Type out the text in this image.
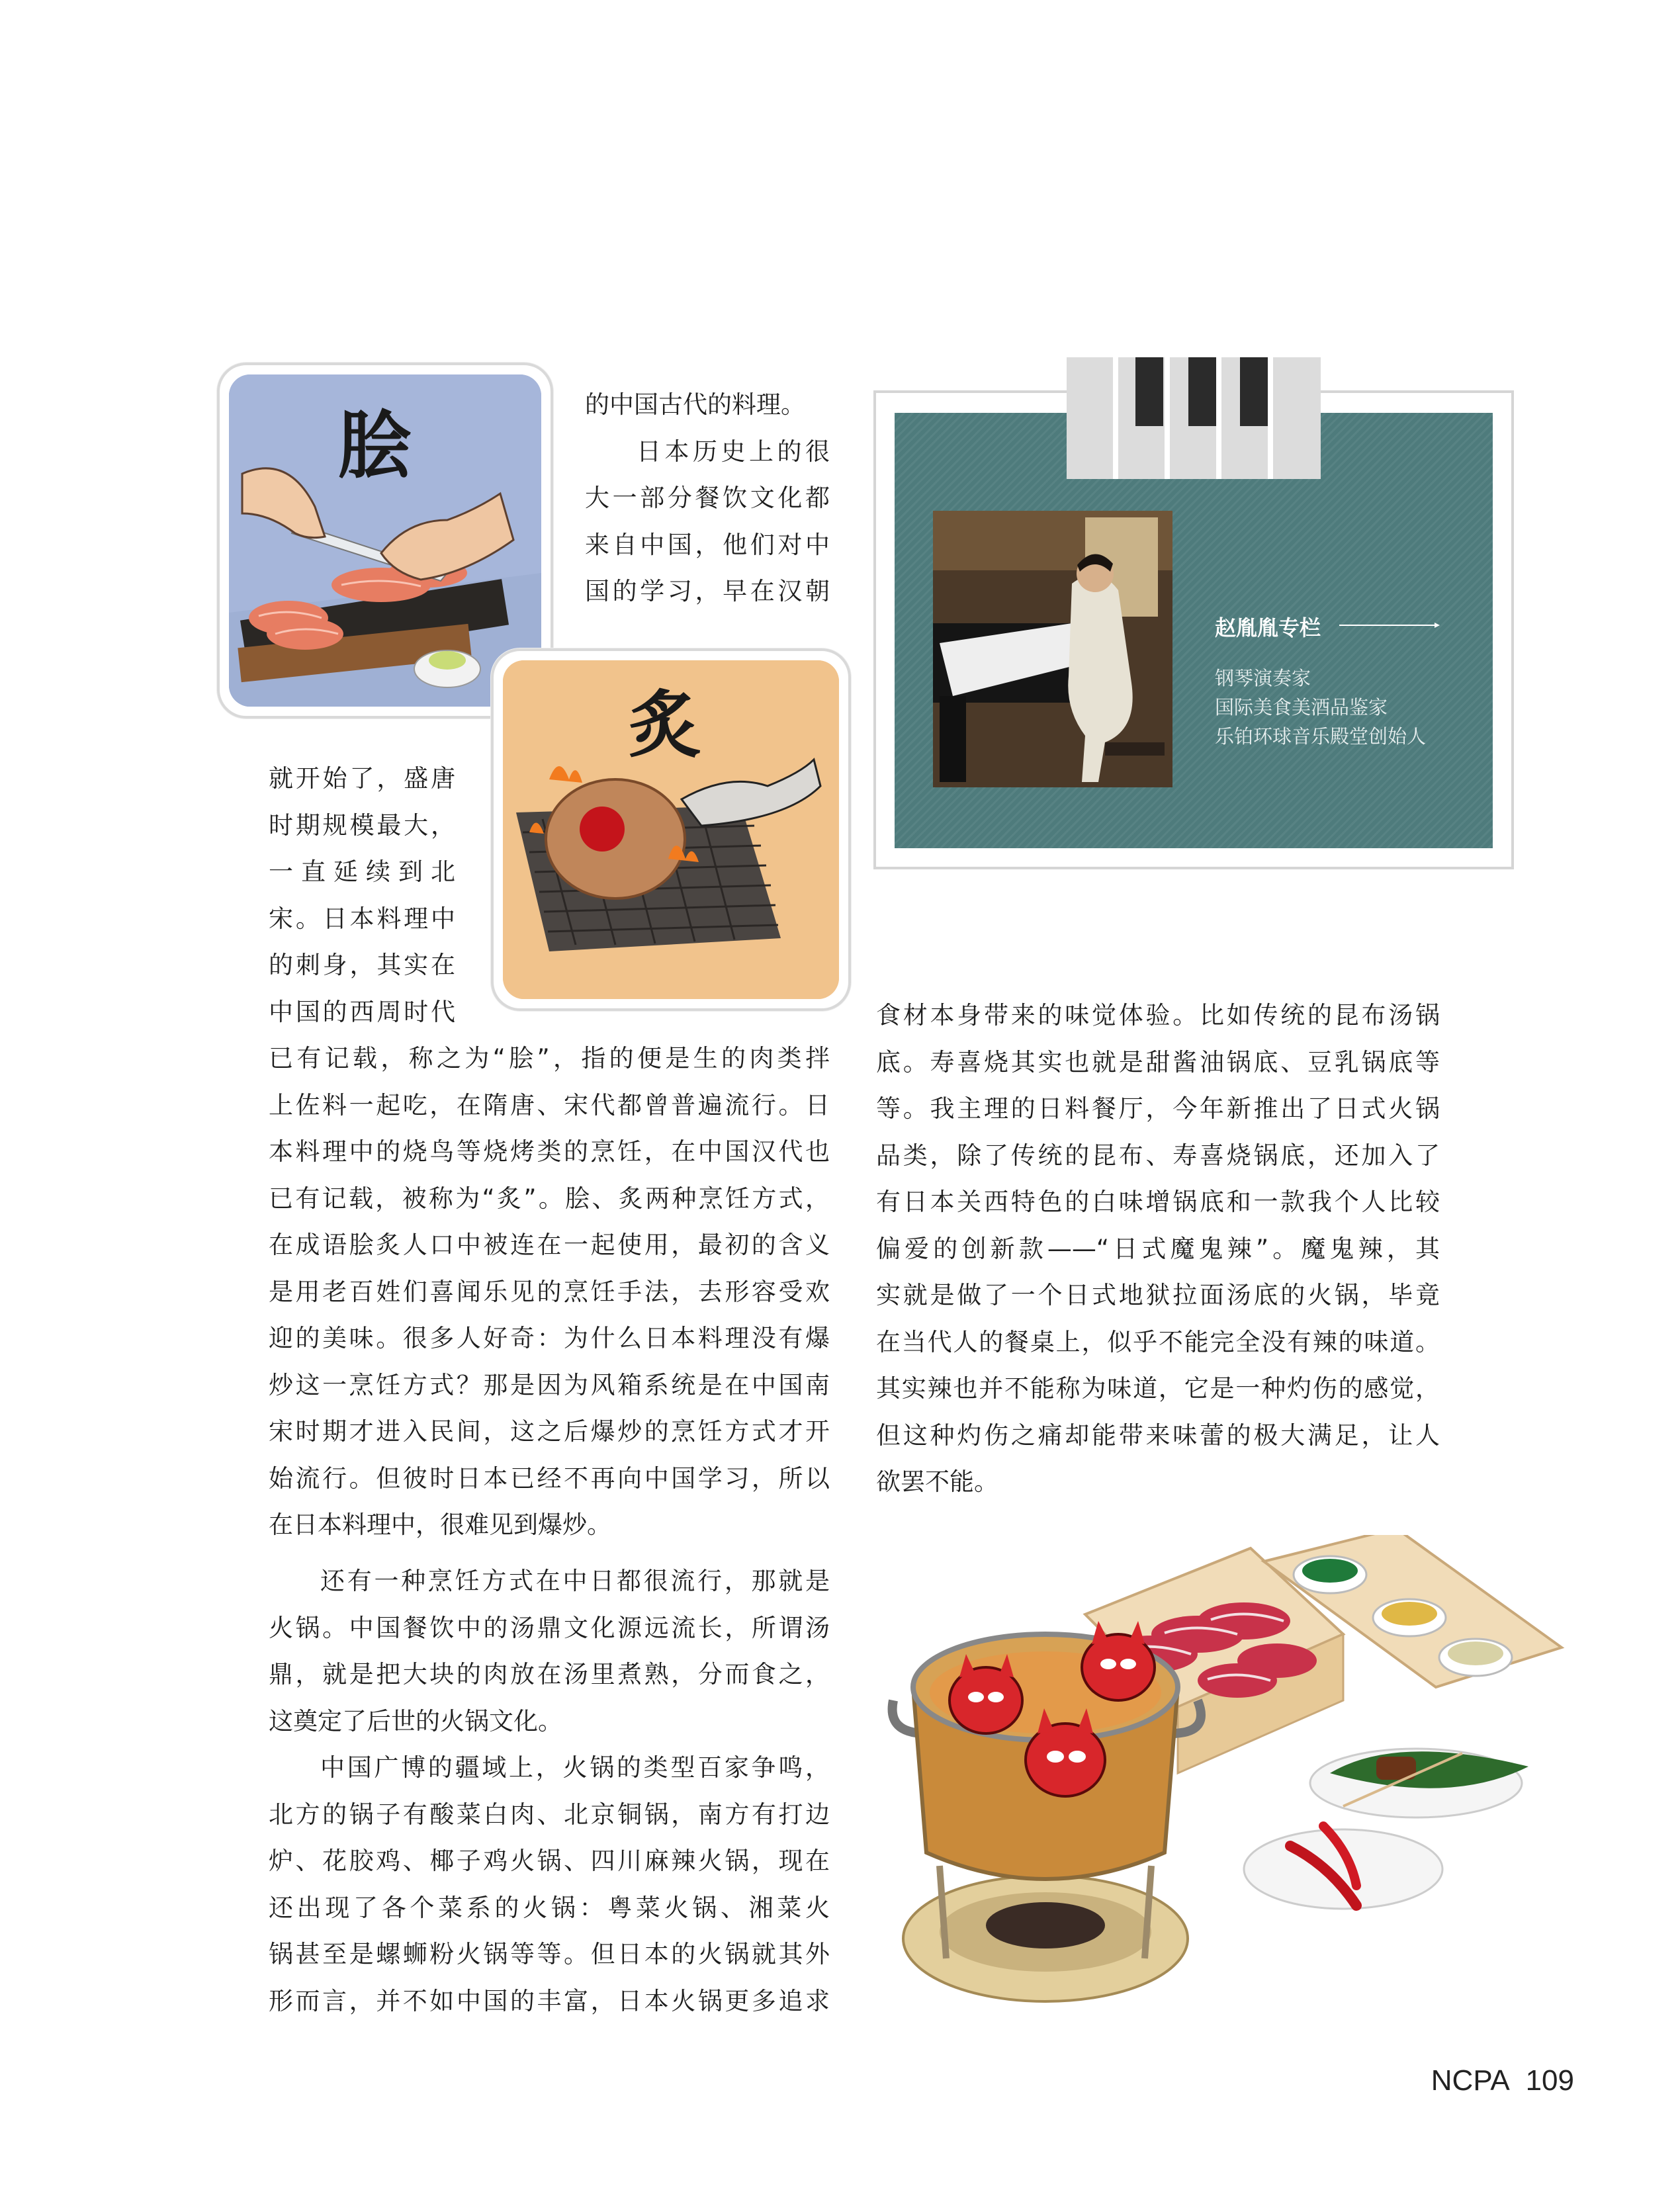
脍
炙
赵胤胤专栏
钢琴演奏家
国际美食美酒品鉴家
乐铂环球音乐殿堂创始人
的中国古代的料理。
日本历史上的很
大一部分餐饮文化都
来自中国，他们对中
国的学习，早在汉朝
就开始了，盛唐
时期规模最大，
一直延续到北
宋。日本料理中
的刺身，其实在
中国的西周时代
已有记载，称之为“脍”，指的便是生的肉类拌
上佐料一起吃，在隋唐、宋代都曾普遍流行。日
本料理中的烧鸟等烧烤类的烹饪，在中国汉代也
已有记载，被称为“炙”。脍、炙两种烹饪方式，
在成语脍炙人口中被连在一起使用，最初的含义
是用老百姓们喜闻乐见的烹饪手法，去形容受欢
迎的美味。很多人好奇：为什么日本料理没有爆
炒这一烹饪方式？那是因为风箱系统是在中国南
宋时期才进入民间，这之后爆炒的烹饪方式才开
始流行。但彼时日本已经不再向中国学习，所以
在日本料理中，很难见到爆炒。
还有一种烹饪方式在中日都很流行，那就是
火锅。中国餐饮中的汤鼎文化源远流长，所谓汤
鼎，就是把大块的肉放在汤里煮熟，分而食之，
这奠定了后世的火锅文化。
中国广博的疆域上，火锅的类型百家争鸣，
北方的锅子有酸菜白肉、北京铜锅，南方有打边
炉、花胶鸡、椰子鸡火锅、四川麻辣火锅，现在
还出现了各个菜系的火锅：粤菜火锅、湘菜火
锅甚至是螺蛳粉火锅等等。但日本的火锅就其外
形而言，并不如中国的丰富，日本火锅更多追求
食材本身带来的味觉体验。比如传统的昆布汤锅
底。寿喜烧其实也就是甜酱油锅底、豆乳锅底等
等。我主理的日料餐厅，今年新推出了日式火锅
品类，除了传统的昆布、寿喜烧锅底，还加入了
有日本关西特色的白味增锅底和一款我个人比较
偏爱的创新款——“日式魔鬼辣”。魔鬼辣，其
实就是做了一个日式地狱拉面汤底的火锅，毕竟
在当代人的餐桌上，似乎不能完全没有辣的味道。
其实辣也并不能称为味道，它是一种灼伤的感觉，
但这种灼伤之痛却能带来味蕾的极大满足，让人
欲罢不能。
NCPA 109
